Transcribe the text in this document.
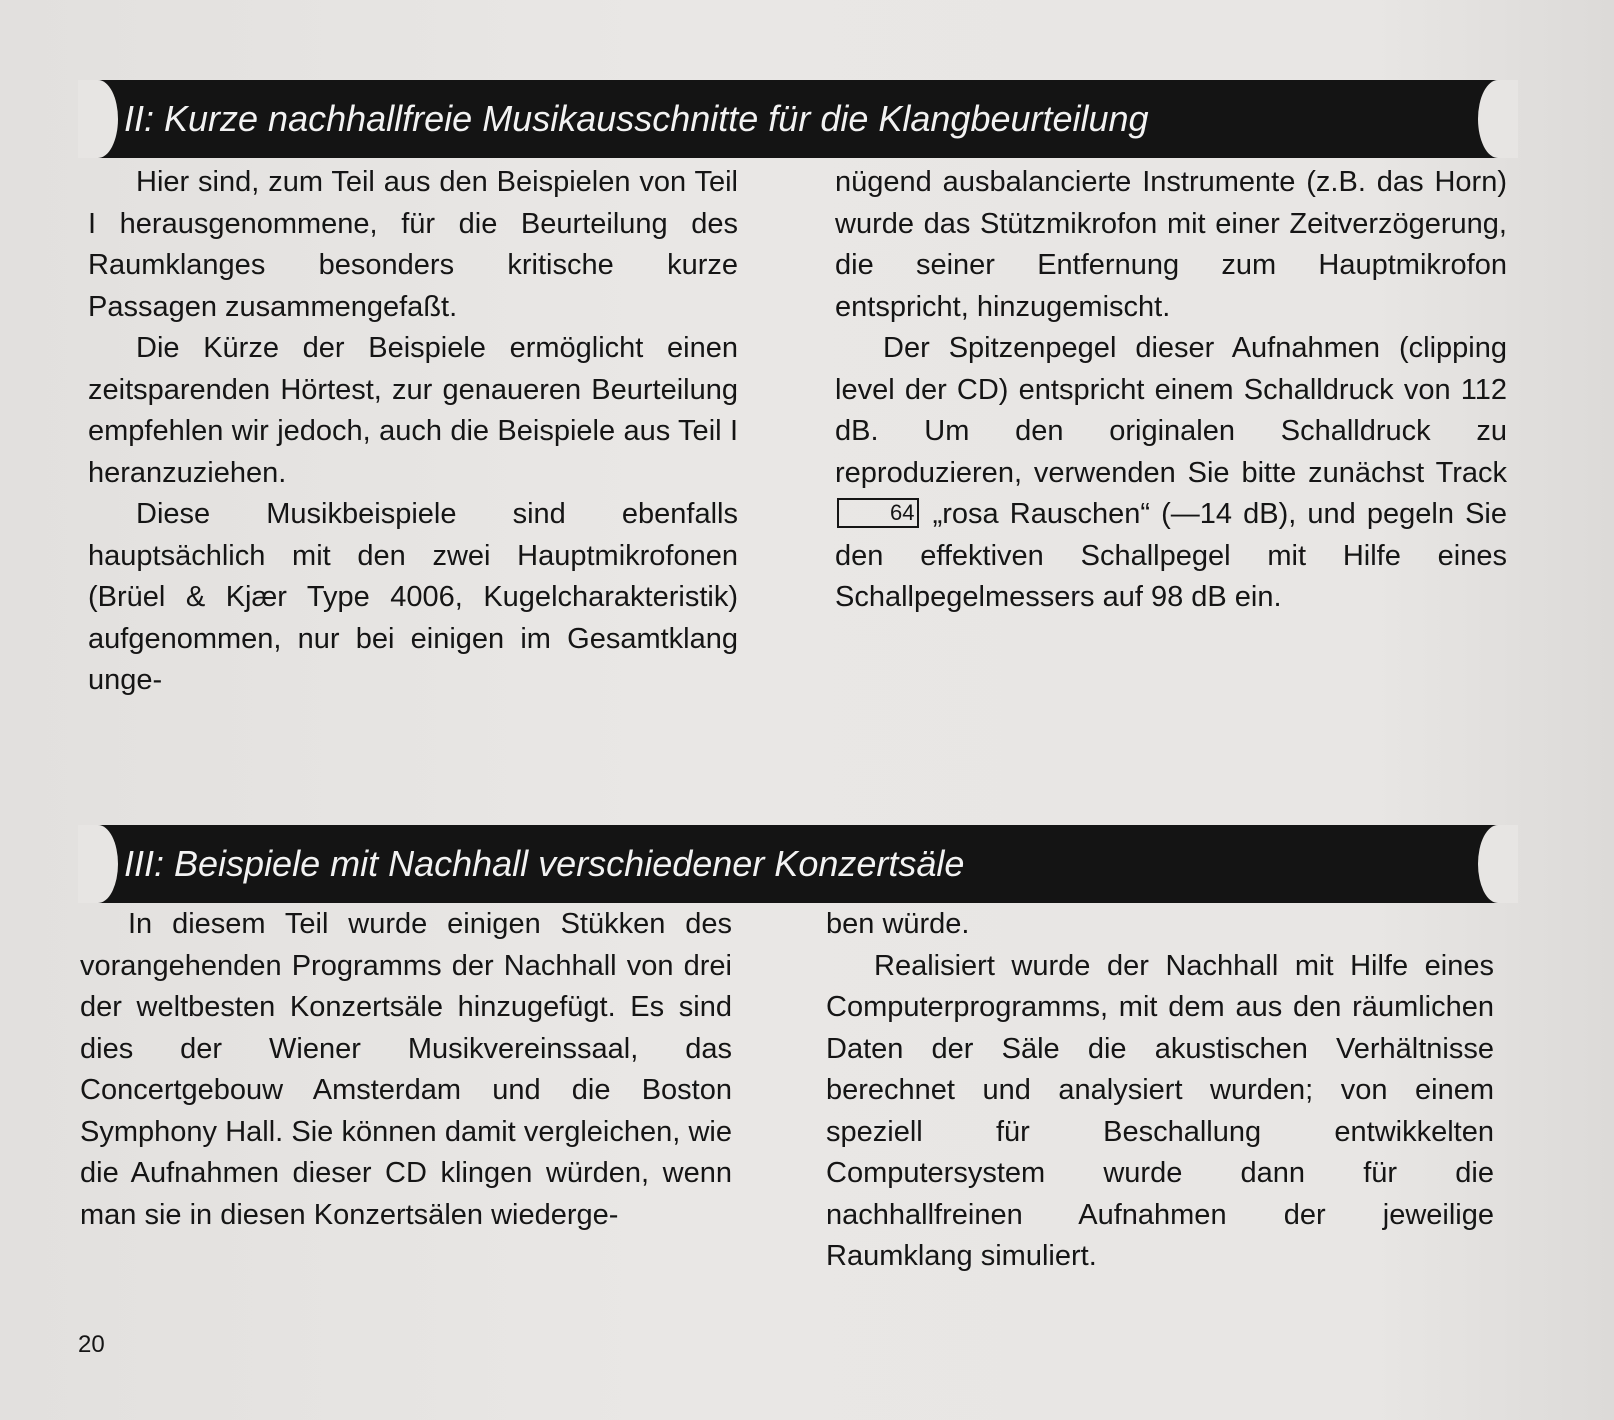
II: Kurze nachhallfreie Musikausschnitte für die Klangbeurteilung

Hier sind, zum Teil aus den Beispielen von Teil I herausgenommene, für die Beurteilung des Raumklanges besonders kritische kurze Passagen zusammengefaßt.

Die Kürze der Beispiele ermöglicht einen zeitsparenden Hörtest, zur genaueren Beurteilung empfehlen wir jedoch, auch die Beispiele aus Teil I heranzuziehen.

Diese Musikbeispiele sind ebenfalls hauptsächlich mit den zwei Hauptmikrofonen (Brüel & Kjær Type 4006, Kugelcharakteristik) aufgenommen, nur bei einigen im Gesamtklang unge-

nügend ausbalancierte Instrumente (z.B. das Horn) wurde das Stützmikrofon mit einer Zeitverzögerung, die seiner Entfernung zum Hauptmikrofon entspricht, hinzugemischt.

Der Spitzenpegel dieser Aufnahmen (clipping level der CD) entspricht einem Schalldruck von 112 dB. Um den originalen Schalldruck zu reproduzieren, verwenden Sie bitte zunächst Track 64 „rosa Rauschen“ (—14 dB), und pegeln Sie den effektiven Schallpegel mit Hilfe eines Schallpegelmessers auf 98 dB ein.

III: Beispiele mit Nachhall verschiedener Konzertsäle

In diesem Teil wurde einigen Stükken des vorangehenden Programms der Nachhall von drei der weltbesten Konzertsäle hinzugefügt. Es sind dies der Wiener Musikvereinssaal, das Concertgebouw Amsterdam und die Boston Symphony Hall. Sie können damit vergleichen, wie die Aufnahmen dieser CD klingen würden, wenn man sie in diesen Konzertsälen wiederge-

ben würde.

Realisiert wurde der Nachhall mit Hilfe eines Computerprogramms, mit dem aus den räumlichen Daten der Säle die akustischen Verhältnisse berechnet und analysiert wurden; von einem speziell für Beschallung entwikkelten Computersystem wurde dann für die nachhallfreinen Aufnahmen der jeweilige Raumklang simuliert.

20
